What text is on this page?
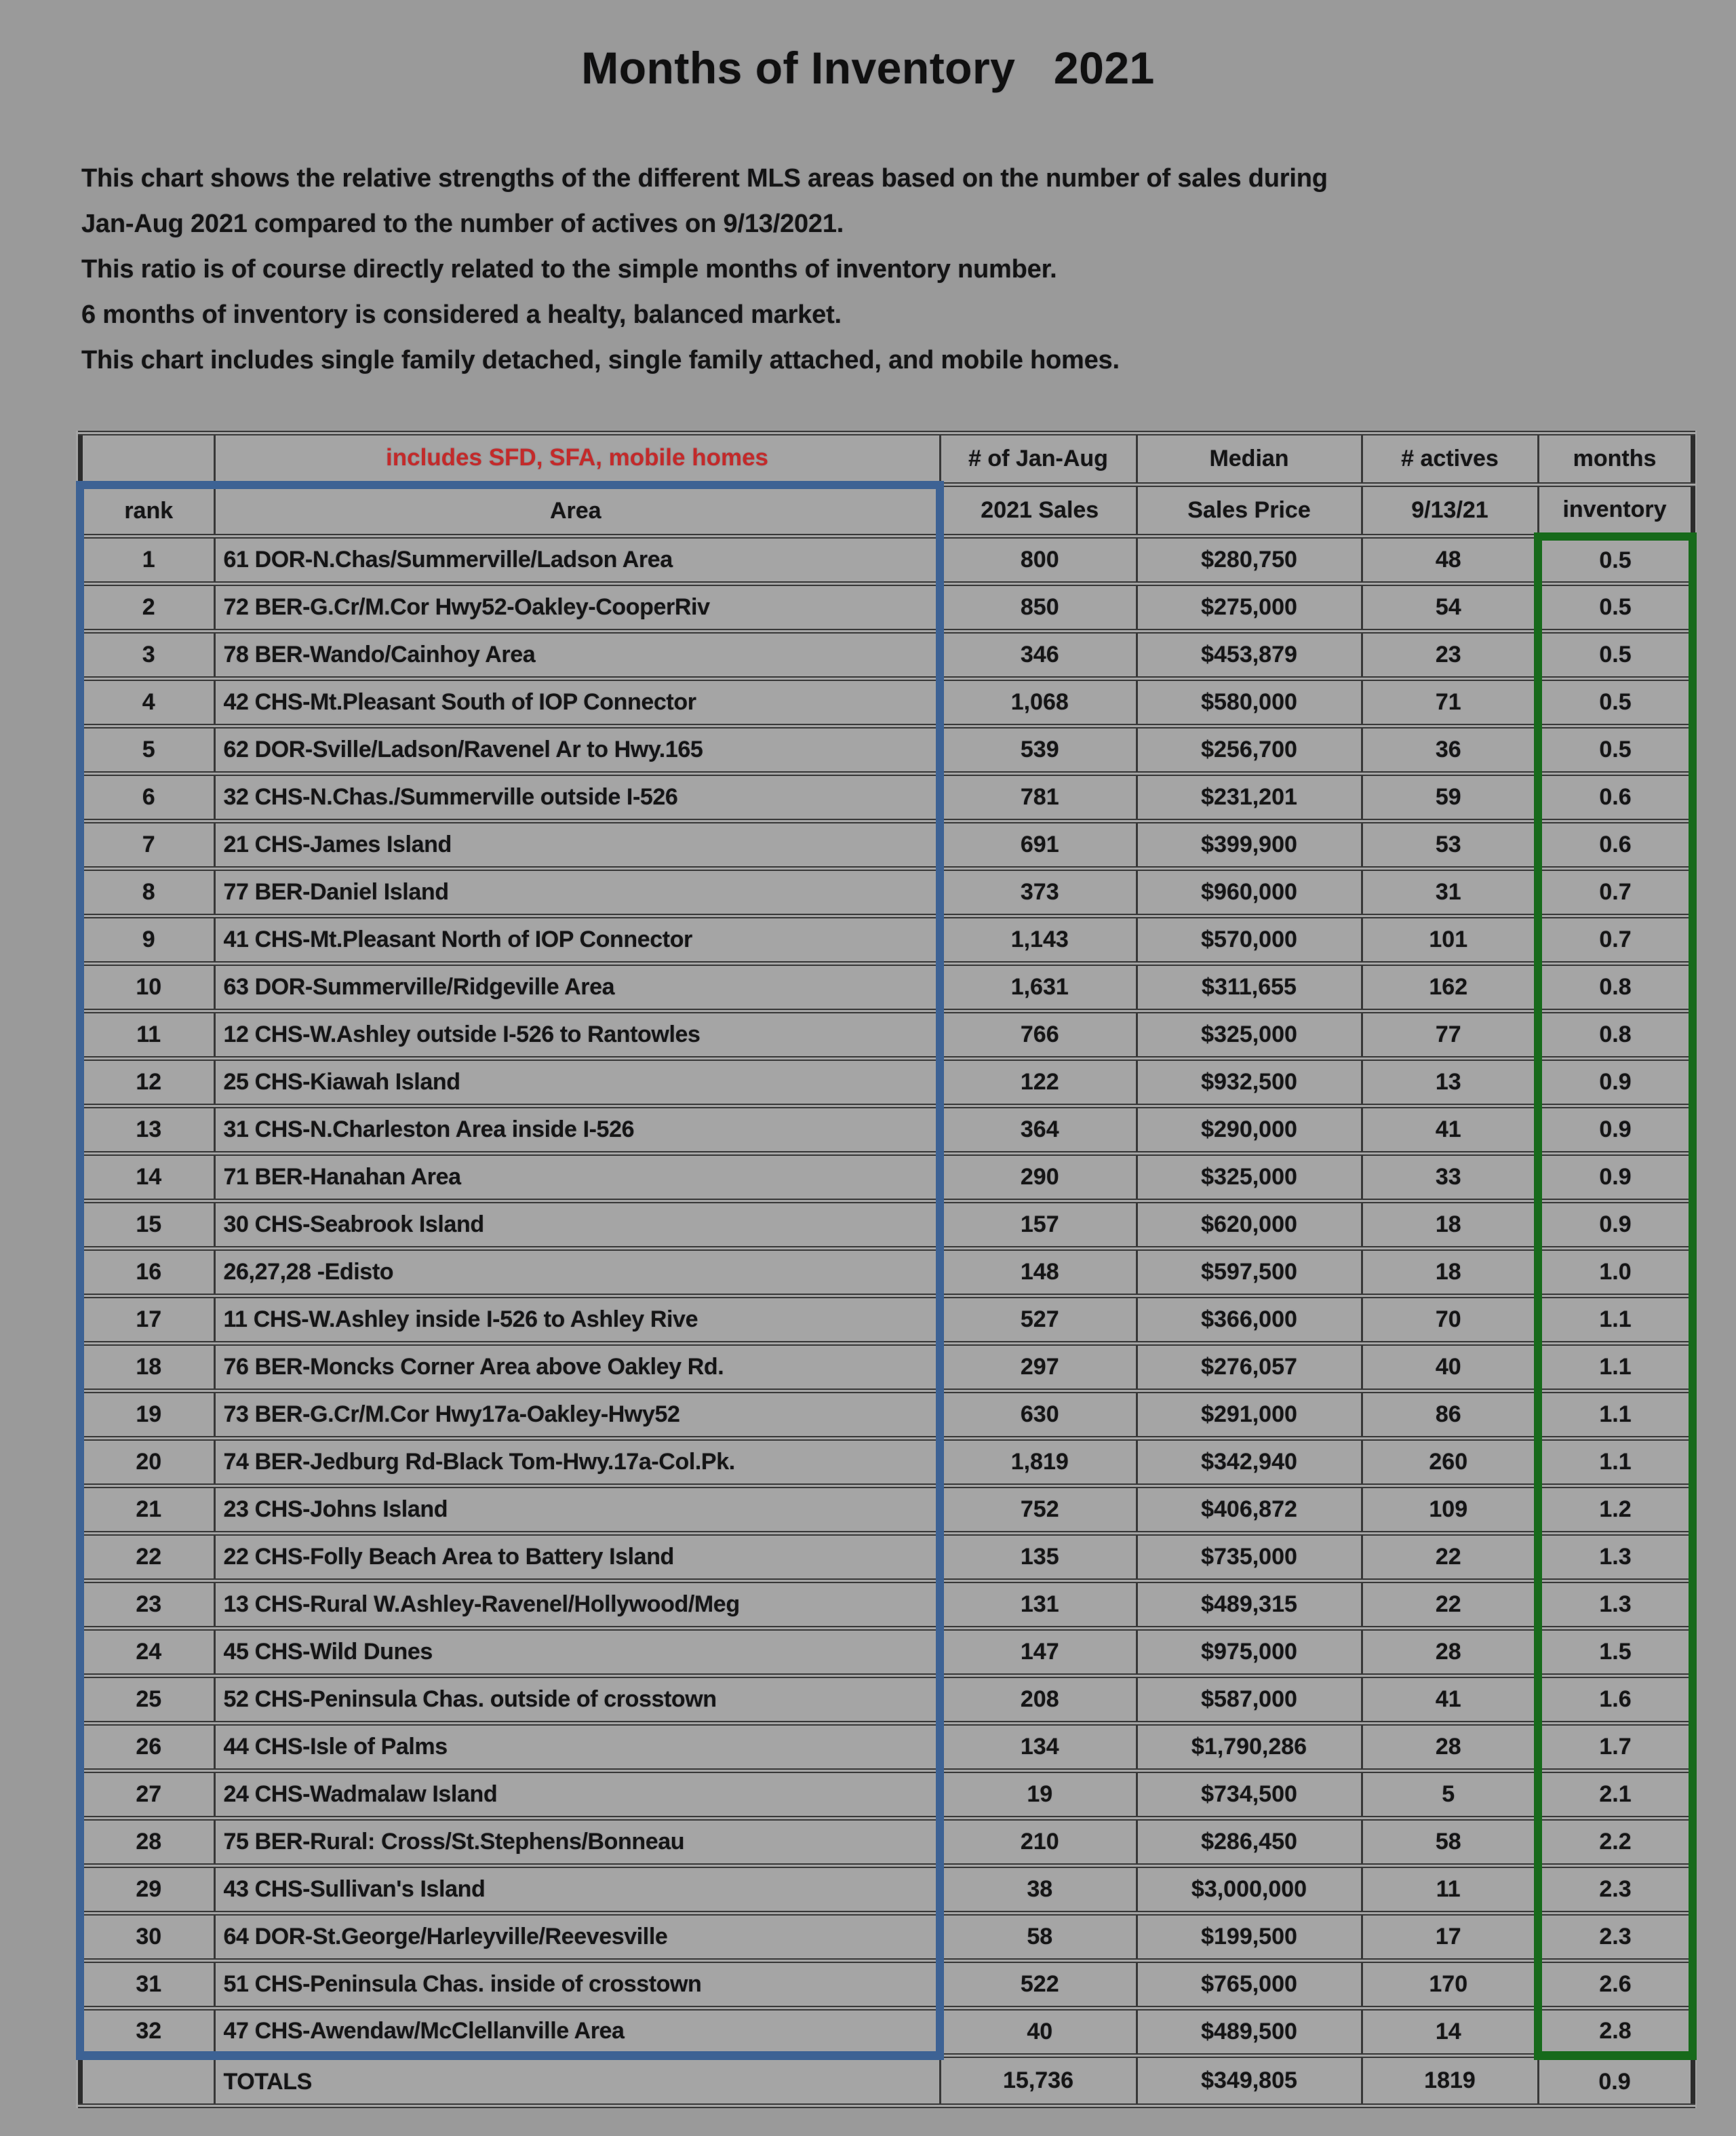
Months of Inventory   2021
This chart shows the relative strengths of the different MLS areas based on the number of sales during
Jan-Aug 2021 compared to the number of actives on 9/13/2021.
This ratio is of course directly related to the simple months of inventory number.
6 months of inventory is considered a healty, balanced market.
This chart includes single family detached, single family attached, and mobile homes.
	includes SFD, SFA, mobile homes	# of Jan-Aug	Median	# actives	months
rank	Area	2021 Sales	Sales Price	9/13/21	inventory
1	61 DOR-N.Chas/Summerville/Ladson Area	800	$280,750	48	0.5
2	72 BER-G.Cr/M.Cor Hwy52-Oakley-CooperRiv	850	$275,000	54	0.5
3	78 BER-Wando/Cainhoy Area	346	$453,879	23	0.5
4	42 CHS-Mt.Pleasant South of IOP Connector	1,068	$580,000	71	0.5
5	62 DOR-Sville/Ladson/Ravenel Ar to Hwy.165	539	$256,700	36	0.5
6	32 CHS-N.Chas./Summerville outside I-526	781	$231,201	59	0.6
7	21 CHS-James Island	691	$399,900	53	0.6
8	77 BER-Daniel Island	373	$960,000	31	0.7
9	41 CHS-Mt.Pleasant North of IOP Connector	1,143	$570,000	101	0.7
10	63 DOR-Summerville/Ridgeville Area	1,631	$311,655	162	0.8
11	12 CHS-W.Ashley outside I-526 to Rantowles	766	$325,000	77	0.8
12	25 CHS-Kiawah Island	122	$932,500	13	0.9
13	31 CHS-N.Charleston Area inside I-526	364	$290,000	41	0.9
14	71 BER-Hanahan Area	290	$325,000	33	0.9
15	30 CHS-Seabrook Island	157	$620,000	18	0.9
16	26,27,28 -Edisto	148	$597,500	18	1.0
17	11 CHS-W.Ashley inside I-526 to Ashley Rive	527	$366,000	70	1.1
18	76 BER-Moncks Corner Area above Oakley Rd.	297	$276,057	40	1.1
19	73 BER-G.Cr/M.Cor Hwy17a-Oakley-Hwy52	630	$291,000	86	1.1
20	74 BER-Jedburg Rd-Black Tom-Hwy.17a-Col.Pk.	1,819	$342,940	260	1.1
21	23 CHS-Johns Island	752	$406,872	109	1.2
22	22 CHS-Folly Beach Area to Battery Island	135	$735,000	22	1.3
23	13 CHS-Rural W.Ashley-Ravenel/Hollywood/Meg	131	$489,315	22	1.3
24	45 CHS-Wild Dunes	147	$975,000	28	1.5
25	52 CHS-Peninsula Chas. outside of crosstown	208	$587,000	41	1.6
26	44 CHS-Isle of Palms	134	$1,790,286	28	1.7
27	24 CHS-Wadmalaw Island	19	$734,500	5	2.1
28	75 BER-Rural: Cross/St.Stephens/Bonneau	210	$286,450	58	2.2
29	43 CHS-Sullivan's Island	38	$3,000,000	11	2.3
30	64 DOR-St.George/Harleyville/Reevesville	58	$199,500	17	2.3
31	51 CHS-Peninsula Chas. inside of crosstown	522	$765,000	170	2.6
32	47 CHS-Awendaw/McClellanville Area	40	$489,500	14	2.8
	TOTALS	15,736	$349,805	1819	0.9
